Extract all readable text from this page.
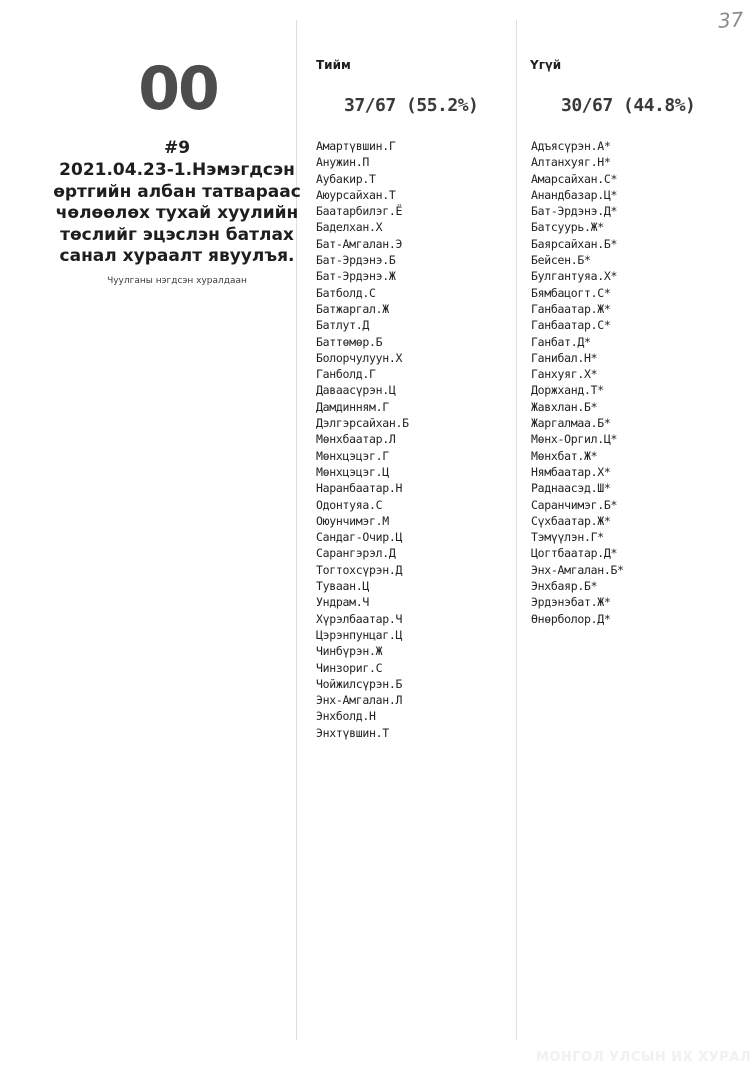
37
00
#9
2021.04.23-1.Нэмэгдсэн
өртгийн албан татвараас
чөлөөлөх тухай хуулийн
төслийг эцэслэн батлах
санал хураалт явуулъя.
Чуулганы нэгдсэн хуралдаан
Тийм	Үгүй
37/67 (55.2%)	30/67 (44.8%)
Амартүвшин.Г
Анужин.П
Аубакир.Т
Аюурсайхан.Т
Баатарбилэг.Ё
Баделхан.Х
Бат-Амгалан.Э
Бат-Эрдэнэ.Б
Бат-Эрдэнэ.Ж
Батболд.С
Батжаргал.Ж
Батлут.Д
Баттөмөр.Б
Болорчулуун.Х
Ганболд.Г
Даваасүрэн.Ц
Дамдинням.Г
Дэлгэрсайхан.Б
Мөнхбаатар.Л
Мөнхцэцэг.Г
Мөнхцэцэг.Ц
Наранбаатар.Н
Одонтуяа.С
Оюунчимэг.М
Сандаг-Очир.Ц
Сарангэрэл.Д
Тогтохсүрэн.Д
Туваан.Ц
Ундрам.Ч
Хүрэлбаатар.Ч
Цэрэнпунцаг.Ц
Чинбүрэн.Ж
Чинзориг.С
Чойжилсүрэн.Б
Энх-Амгалан.Л
Энхболд.Н
Энхтүвшин.Т
Адъясүрэн.А*
Алтанхуяг.Н*
Амарсайхан.С*
Анандбазар.Ц*
Бат-Эрдэнэ.Д*
Батсуурь.Ж*
Баярсайхан.Б*
Бейсен.Б*
Булгантуяа.Х*
Бямбацогт.С*
Ганбаатар.Ж*
Ганбаатар.С*
Ганбат.Д*
Ганибал.Н*
Ганхуяг.Х*
Доржханд.Т*
Жавхлан.Б*
Жаргалмаа.Б*
Мөнх-Оргил.Ц*
Мөнхбат.Ж*
Нямбаатар.Х*
Раднаасэд.Ш*
Саранчимэг.Б*
Сүхбаатар.Ж*
Тэмүүлэн.Г*
Цогтбаатар.Д*
Энх-Амгалан.Б*
Энхбаяр.Б*
Эрдэнэбат.Ж*
Өнөрболор.Д*
МОНГОЛ УЛСЫН ИХ ХУРАЛ
